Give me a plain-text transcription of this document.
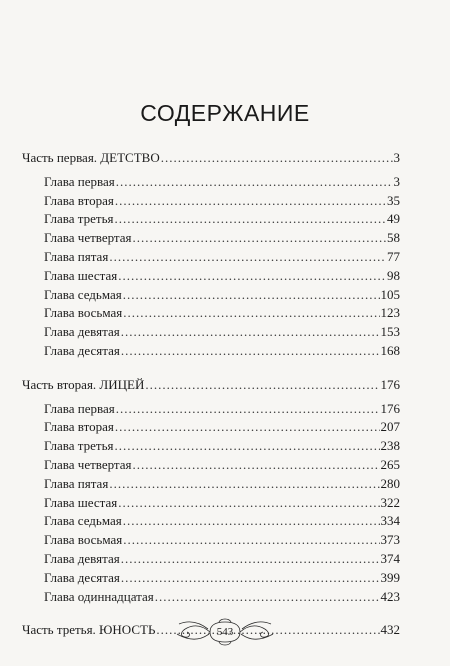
СОДЕРЖАНИЕ
Часть первая. ДЕТСТВО .....	3
Глава первая .....	3
Глава вторая .....	35
Глава третья .....	49
Глава четвертая .....	58
Глава пятая .....	77
Глава шестая .....	98
Глава седьмая .....	105
Глава восьмая .....	123
Глава девятая .....	153
Глава десятая .....	168
Часть вторая. ЛИЦЕЙ .....	176
Глава первая .....	176
Глава вторая .....	207
Глава третья .....	238
Глава четвертая .....	265
Глава пятая .....	280
Глава шестая .....	322
Глава седьмая .....	334
Глава восьмая .....	373
Глава девятая .....	374
Глава десятая .....	399
Глава одиннадцатая .....	423
Часть третья. ЮНОСТЬ .....	432
543
